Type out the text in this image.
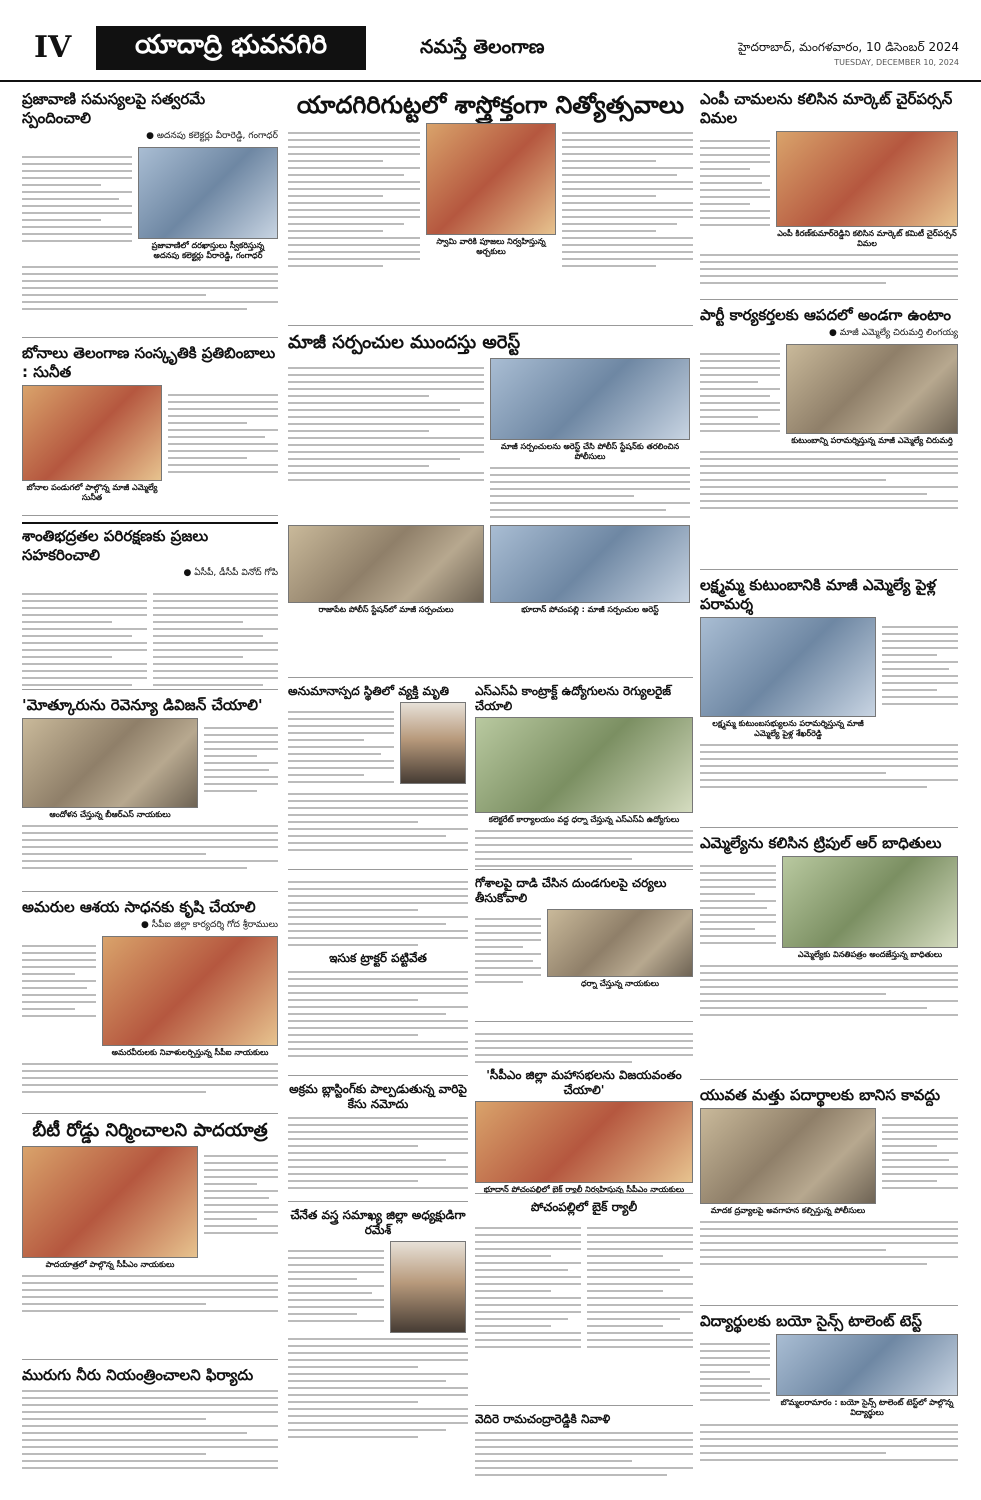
IV	యాదాద్రి భువనగిరి	నమస్తే తెలంగాణ	హైదరాబాద్, మంగళవారం, 10 డిసెంబర్ 2024
TUESDAY, DECEMBER 10, 2024
ప్రజావాణి సమస్యలపై సత్వరమే స్పందించాలి
● అదనపు కలెక్టర్లు వీరారెడ్డి, గంగాధర్
ప్రజావాణిలో దరఖాస్తులు స్వీకరిస్తున్న అదనపు కలెక్టర్లు వీరారెడ్డి, గంగాధర్
బోనాలు తెలంగాణ సంస్కృతికి ప్రతిబింబాలు : సునీత
బోనాల పండుగలో పాల్గొన్న మాజీ ఎమ్మెల్యే సునీత
శాంతిభద్రతల పరిరక్షణకు ప్రజలు సహకరించాలి
● ఏసీపీ, డీసీపీ వినోద్ గోపి
'మోత్కూరును రెవెన్యూ డివిజన్ చేయాలి'
ఆందోళన చేస్తున్న బీఆర్ఎస్ నాయకులు
అమరుల ఆశయ సాధనకు కృషి చేయాలి
● సీపీఐ జిల్లా కార్యదర్శి గోద శ్రీరాములు
అమరవీరులకు నివాళులర్పిస్తున్న సీపీఐ నాయకులు
బీటీ రోడ్డు నిర్మించాలని పాదయాత్ర
పాదయాత్రలో పాల్గొన్న సీపీఎం నాయకులు
మురుగు నీరు నియంత్రించాలని ఫిర్యాదు
యాదగిరిగుట్టలో శాస్త్రోక్తంగా నిత్యోత్సవాలు
స్వామి వారికి పూజలు నిర్వహిస్తున్న అర్చకులు
మాజీ సర్పంచుల ముందస్తు అరెస్ట్
మాజీ సర్పంచులను అరెస్ట్ చేసి పోలీస్ స్టేషన్‌కు తరలించిన పోలీసులు
రాజాపేట పోలీస్ స్టేషన్‌లో మాజీ సర్పంచులు	భూదాన్ పోచంపల్లి : మాజీ సర్పంచుల అరెస్ట్
అనుమానాస్పద స్థితిలో వ్యక్తి మృతి	ఎస్ఎస్‌ఏ కాంట్రాక్ట్ ఉద్యోగులను రెగ్యులరైజ్ చేయాలి
కలెక్టరేట్ కార్యాలయం వద్ద ధర్నా చేస్తున్న ఎస్ఎస్‌ఏ ఉద్యోగులు
గోశాలపై దాడి చేసిన దుండగులపై చర్యలు తీసుకోవాలి
ధర్నా చేస్తున్న నాయకులు
ఇసుక ట్రాక్టర్ పట్టివేత
అక్రమ బ్లాస్టింగ్‌కు పాల్పడుతున్న వారిపై కేసు నమోదు
'సీపీఎం జిల్లా మహాసభలను విజయవంతం చేయాలి'
భూదాన్ పోచంపల్లిలో బైక్ ర్యాలీ నిర్వహిస్తున్న సీపీఎం నాయకులు
చేనేత వస్త్ర సమాఖ్య జిల్లా అధ్యక్షుడిగా రమేశ్
పోచంపల్లిలో బైక్ ర్యాలీ
వెదిరె రామచంద్రారెడ్డికి నివాళి
ఎంపీ చామలను కలిసిన మార్కెట్ చైర్‌పర్సన్ విమల
ఎంపీ కిరణ్‌కుమార్‌రెడ్డిని కలిసిన మార్కెట్ కమిటీ చైర్‌పర్సన్ విమల
పార్టీ కార్యకర్తలకు ఆపదలో అండగా ఉంటాం
● మాజీ ఎమ్మెల్యే చిరుమర్తి లింగయ్య
కుటుంబాన్ని పరామర్శిస్తున్న మాజీ ఎమ్మెల్యే చిరుమర్తి
లక్ష్మమ్మ కుటుంబానికి మాజీ ఎమ్మెల్యే పైళ్ల పరామర్శ
లక్ష్మమ్మ కుటుంబసభ్యులను పరామర్శిస్తున్న మాజీ ఎమ్మెల్యే పైళ్ల శేఖర్‌రెడ్డి
ఎమ్మెల్యేను కలిసిన ట్రిపుల్ ఆర్ బాధితులు
ఎమ్మెల్యేకు వినతిపత్రం అందజేస్తున్న బాధితులు
యువత మత్తు పదార్థాలకు బానిస కావద్దు
మాదక ద్రవ్యాలపై అవగాహన కల్పిస్తున్న పోలీసులు
విద్యార్థులకు బయో సైన్స్ టాలెంట్ టెస్ట్
బొమ్మలరామారం : బయో సైన్స్ టాలెంట్ టెస్ట్‌లో పాల్గొన్న విద్యార్థులు
